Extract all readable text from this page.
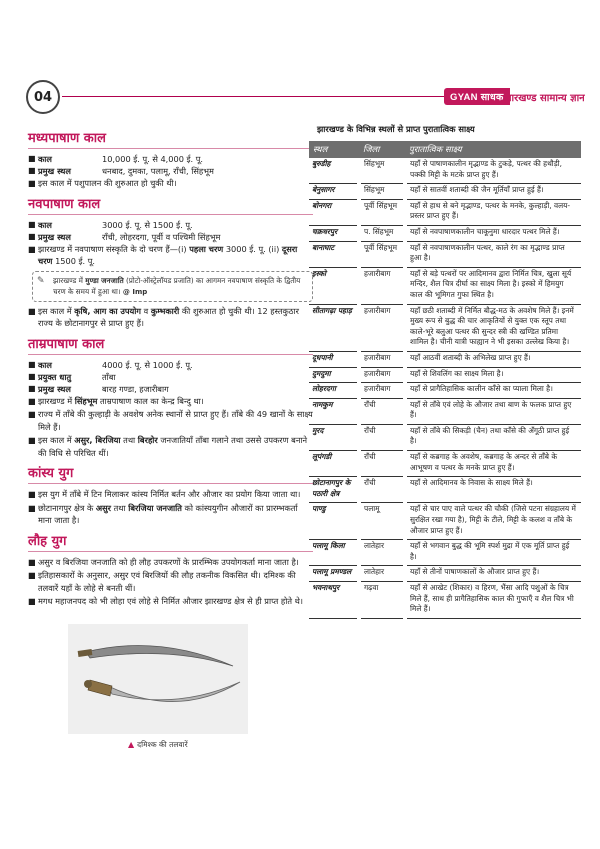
04	GYAN साधक झारखण्ड सामान्य ज्ञान
मध्यपाषाण काल
■ काल	10,000 ई. पू. से 4,000 ई. पू.
■ प्रमुख स्थल	धनबाद, दुमका, पलामू, राँची, सिंहभूम
■ इस काल में पशुपालन की शुरुआत हो चुकी थी।
नवपाषाण काल
■ काल	3000 ई. पू. से 1500 ई. पू.
■ प्रमुख स्थल	राँची, लोहरदगा, पूर्वी व पश्चिमी सिंहभूम
■ झारखण्ड में नवपाषाण संस्कृति के दो चरण हैं—(i) पहला चरण 3000 ई. पू. (ii) दूसरा चरण 1500 ई. पू.
✎	झारखण्ड में मुण्डा जनजाति (प्रोटो-ऑस्ट्रेलॉयड प्रजाति) का आगमन नवपाषाण संस्कृति के द्वितीय चरण के समय में हुआ था। @ Imp
■ इस काल में कृषि, आग का उपयोग व कुम्भकारी की शुरुआत हो चुकी थी। 12 हस्तकुठार राज्य के छोटानागपुर से प्राप्त हुए हैं।
ताम्रपाषाण काल
■ काल	4000 ई. पू. से 1000 ई. पू.
■ प्रयुक्त धातु	ताँबा
■ प्रमुख स्थल	बारह गण्डा, हजारीबाग
■ झारखण्ड में सिंहभूम ताम्रपाषाण काल का केन्द्र बिन्दु था।
■ राज्य में ताँबे की कुल्हाड़ी के अवशेष अनेक स्थानों से प्राप्त हुए हैं। ताँबे की 49 खानों के साक्ष्य मिले हैं।
■ इस काल में असुर, बिरजिया तथा बिरहोर जनजातियाँ ताँबा गलाने तथा उससे उपकरण बनाने की विधि से परिचित थीं।
कांस्य युग
■ इस युग में ताँबे में टिन मिलाकर कांस्य निर्मित बर्तन और औजार का प्रयोग किया जाता था।
■ छोटानागपुर क्षेत्र के असुर तथा बिरजिया जनजाति को कांस्ययुगीन औजारों का प्रारम्भकर्ता माना जाता है।
लौह युग
■ असुर व बिरजिया जनजाति को ही लौह उपकरणों के प्रारम्भिक उपयोगकर्ता माना जाता है।
■ इतिहासकारों के अनुसार, असुर एवं बिरजियों की लौह तकनीक विकसित थी। दमिश्क की तलवारें यहाँ के लोहे से बनती थीं।
■ मगध महाजनपद को भी लोहा एवं लोहे से निर्मित औजार झारखण्ड क्षेत्र से ही प्राप्त होते थे।
▲ दमिश्क की तलवारें
झारखण्ड के विभिन्न स्थलों से प्राप्त पुरातात्विक साक्ष्य
स्थल	जिला	पुरातात्विक साक्ष्य
बुरुडीह	सिंहभूम	यहाँ से पाषाणकालीन मृद्भाण्ड के टुकड़े, पत्थर की हथौड़ी, पक्की मिट्टी के मटके प्राप्त हुए हैं।
बेनुसागर	सिंहभूम	यहाँ से सातवीं शताब्दी की जैन मूर्तियाँ प्राप्त हुई हैं।
बोनगरा	पूर्वी सिंहभूम	यहाँ से हाथ से बने मृद्भाण्ड, पत्थर के मनके, कुल्हाड़ी, वलय-प्रस्तर प्राप्त हुए हैं।
चक्रधरपुर	प. सिंहभूम	यहाँ से नवपाषाणकालीन चाकूनुमा धारदार पत्थर मिले हैं।
बानाघाट	पूर्वी सिंहभूम	यहाँ से नवपाषाणकालीन पत्थर, काले रंग का मृद्भाण्ड प्राप्त हुआ है।
इस्को	हजारीबाग	यहाँ से बड़े पत्थरों पर आदिमानव द्वारा निर्मित चित्र, खुला सूर्य मन्दिर, शैल चित्र दीर्घा का साक्ष्य मिला है। इस्को में हिमयुग काल की भूमिगत गुफा स्थित है।
सीतागढ़ा पहाड़	हजारीबाग	यहाँ छठी शताब्दी में निर्मित बौद्ध-मठ के अवशेष मिले हैं। इनमें मुख्य रूप से बुद्ध की चार आकृतियों से युक्त एक स्तूप तथा काले-भूरे बलुआ पत्थर की सुन्दर स्त्री की खण्डित प्रतिमा शामिल है। चीनी यात्री फाह्यान ने भी इसका उल्लेख किया है।
दूधपानी	हजारीबाग	यहाँ आठवीं शताब्दी के अभिलेख प्राप्त हुए हैं।
दुमदुमा	हजारीबाग	यहाँ से शिवलिंग का साक्ष्य मिला है।
लोहरदगा	हजारीबाग	यहाँ से प्रागैतिहासिक कालीन काँसे का प्याला मिला है।
नामकुम	राँची	यहाँ से ताँबे एवं लोहे के औजार तथा बाण के फलक प्राप्त हुए हैं।
मुरद	राँची	यहाँ से ताँबे की सिकड़ी (चैन) तथा काँसे की अँगूठी प्राप्त हुई है।
लूपंगडी	राँची	यहाँ से कब्रगाह के अवशेष, कब्रगाह के अन्दर से ताँबे के आभूषण व पत्थर के मनके प्राप्त हुए हैं।
छोटानागपुर के पठारी क्षेत्र	राँची	यहाँ से आदिमानव के निवास के साक्ष्य मिले हैं।
पाण्डु	पलामू	यहाँ से चार पाए वाले पत्थर की चौकी (जिसे पटना संग्रहालय में सुरक्षित रखा गया है), मिट्टी के टीले, मिट्टी के कलश व ताँबे के औजार प्राप्त हुए हैं।
पलामू किला	लातेहार	यहाँ से भगवान बुद्ध की भूमि स्पर्श मुद्रा में एक मूर्ति प्राप्त हुई है।
पलामू प्रमण्डल	लातेहार	यहाँ से तीनों पाषाणकालों के औजार प्राप्त हुए हैं।
भवनाथपुर	गढ़वा	यहाँ से आखेट (शिकार) व हिरण, भैंसा आदि पशुओं के चित्र मिले हैं, साथ ही प्रागैतिहासिक काल की गुफाएँ व शैल चित्र भी मिले हैं।
